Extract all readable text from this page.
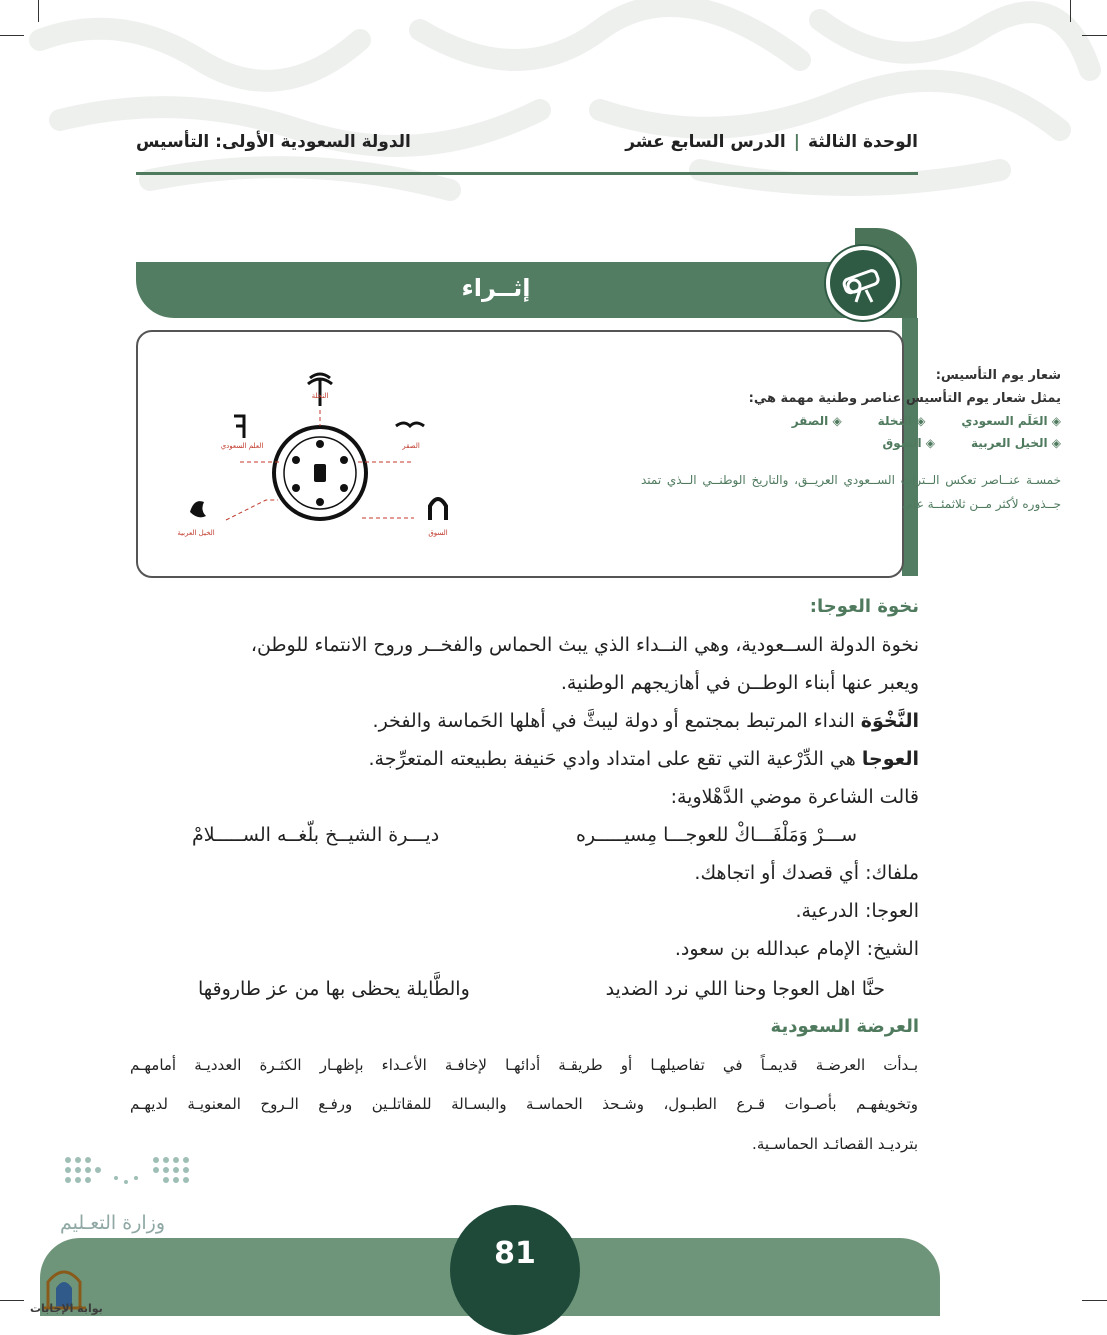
الوحدة الثالثة|الدرس السابع عشر
الدولة السعودية الأولى: التأسيس
إثــراء
شعار يوم التأسيس:
يمثل شعار يوم التأسيس عناصر وطنية مهمة هي:
◈ العَلَم السعودي
◈ النخلة
◈ الصقر
◈ الخيل العربية
◈ السوق
خمسـة عنــاصر تعكس الــتراث الســعودي العريــق، والتاريخ الوطنــي الــذي تمتد جــذوره لأكثر مــن ثلاثمئــة عام.
النخلة
الصقر
العلم السعودي
الخيل العربية	السوق
نخوة العوجا:
نخوة الدولة الســعودية، وهي النــداء الذي يبث الحماس والفخــر وروح الانتماء للوطن،
ويعبر عنها أبناء الوطــن في أهازيجهم الوطنية.
النَّخْوَة النداء المرتبط بمجتمع أو دولة ليبثَّ في أهلها الحَماسة والفخر.
العوجا هي الدِّرْعية التي تقع على امتداد وادي حَنيفة بطبيعته المتعرِّجة.
قالت الشاعرة موضي الدَّهْلاوية:
ســـرْ وَمَلْفَـــاكْ للعوجـــا مِسيـــــره
ديـــرة الشيــخ بلّغــه الســـــلامْ
ملفاك: أي قصدك أو اتجاهك.
العوجا: الدرعية.
الشيخ: الإمام عبدالله بن سعود.
حنَّا اهل العوجا وحنا اللي نرد الضديد
والطَّايلة يحظى بها من عز طاروقها
العرضة السعودية
بـدأت العرضـة قديمـاً في تفاصيلهـا أو طريقـة أدائهـا لإخافـة الأعـداء بإظهـار الكثـرة العدديـة أمامهـم
وتخويفهـم بأصـوات قـرع الطبـول، وشـحذ الحماسـة والبسـالة للمقاتلـين ورفـع الـروح المعنويـة لديهـم
بترديـد القصائـد الحماسـية.
81
وزارة التعـليم
بوابة الإجابات
